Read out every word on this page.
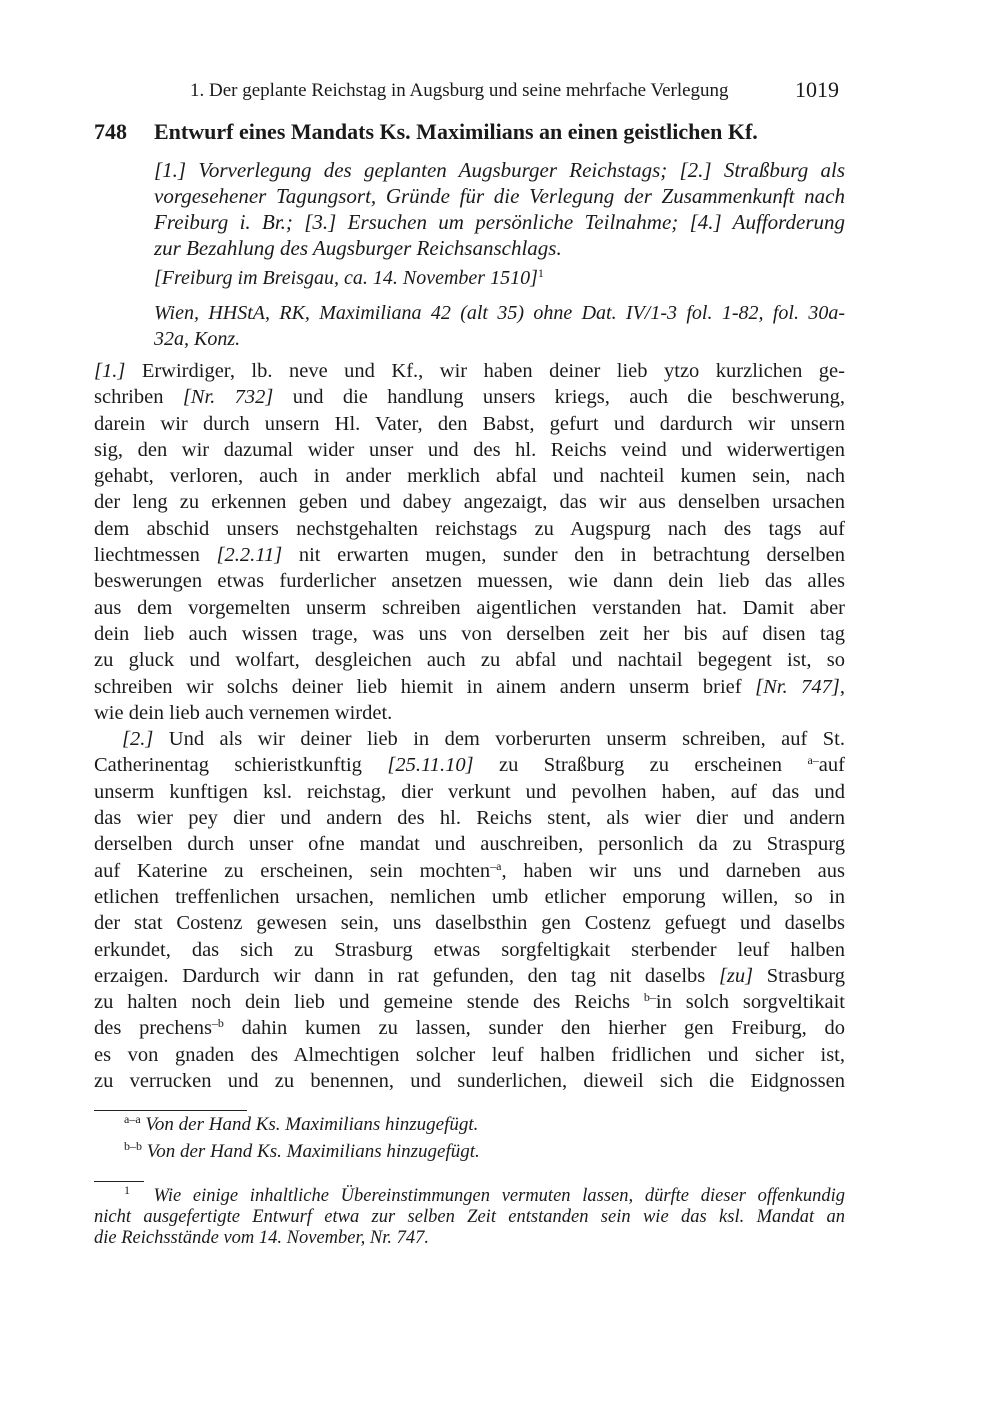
1. Der geplante Reichstag in Augsburg und seine mehrfache Verlegung	1019
748 Entwurf eines Mandats Ks. Maximilians an einen geistlichen Kf.
[1.] Vorverlegung des geplanten Augsburger Reichstags; [2.] Straßburg als
vorgesehener Tagungsort, Gründe für die Verlegung der Zusammenkunft nach
Freiburg i. Br.; [3.] Ersuchen um persönliche Teilnahme; [4.] Aufforderung
zur Bezahlung des Augsburger Reichsanschlags.
[Freiburg im Breisgau, ca. 14. November 1510]$^1$
Wien, HHStA, RK, Maximiliana 42 (alt 35) ohne Dat. IV/1-3 fol. 1-82, fol. 30a-
32a, Konz.
[1.] Erwirdiger, lb. neve und Kf., wir haben deiner lieb ytzo kurzlichen ge-
schriben [Nr. 732] und die handlung unsers kriegs, auch die beschwerung,
darein wir durch unsern Hl. Vater, den Babst, gefurt und dardurch wir unsern
sig, den wir dazumal wider unser und des hl. Reichs veind und widerwertigen
gehabt, verloren, auch in ander merklich abfal und nachteil kumen sein, nach
der leng zu erkennen geben und dabey angezaigt, das wir aus denselben ursachen
dem abschid unsers nechstgehalten reichstags zu Augspurg nach des tags auf
liechtmessen [2.2.11] nit erwarten mugen, sunder den in betrachtung derselben
beswerungen etwas furderlicher ansetzen muessen, wie dann dein lieb das alles
aus dem vorgemelten unserm schreiben aigentlichen verstanden hat. Damit aber
dein lieb auch wissen trage, was uns von derselben zeit her bis auf disen tag
zu gluck und wolfart, desgleichen auch zu abfal und nachtail begegent ist, so
schreiben wir solchs deiner lieb hiemit in ainem andern unserm brief [Nr. 747],
wie dein lieb auch vernemen wirdet.
[2.] Und als wir deiner lieb in dem vorberurten unserm schreiben, auf St.
Catherinentag schieristkunftig [25.11.10] zu Straßburg zu erscheinen $^{a-}$auf
unserm kunftigen ksl. reichstag, dier verkunt und pevolhen haben, auf das und
das wier pey dier und andern des hl. Reichs stent, als wier dier und andern
derselben durch unser ofne mandat und auschreiben, personlich da zu Straspurg
auf Katerine zu erscheinen, sein mochten$^{-a}$, haben wir uns und darneben aus
etlichen treffenlichen ursachen, nemlichen umb etlicher emporung willen, so in
der stat Costenz gewesen sein, uns daselbsthin gen Costenz gefuegt und daselbs
erkundet, das sich zu Strasburg etwas sorgfeltigkait sterbender leuf halben
erzaigen. Dardurch wir dann in rat gefunden, den tag nit daselbs [zu] Strasburg
zu halten noch dein lieb und gemeine stende des Reichs $^{b-}$in solch sorgveltikait
des prechens$^{-b}$ dahin kumen zu lassen, sunder den hierher gen Freiburg, do
es von gnaden des Almechtigen solcher leuf halben fridlichen und sicher ist,
zu verrucken und zu benennen, und sunderlichen, dieweil sich die Eidgnossen
$^{a-a}$ Von der Hand Ks. Maximilians hinzugefügt.
$^{b-b}$ Von der Hand Ks. Maximilians hinzugefügt.
$^1$ Wie einige inhaltliche Übereinstimmungen vermuten lassen, dürfte dieser offenkundig
nicht ausgefertigte Entwurf etwa zur selben Zeit entstanden sein wie das ksl. Mandat an
die Reichsstände vom 14. November, Nr. 747.
